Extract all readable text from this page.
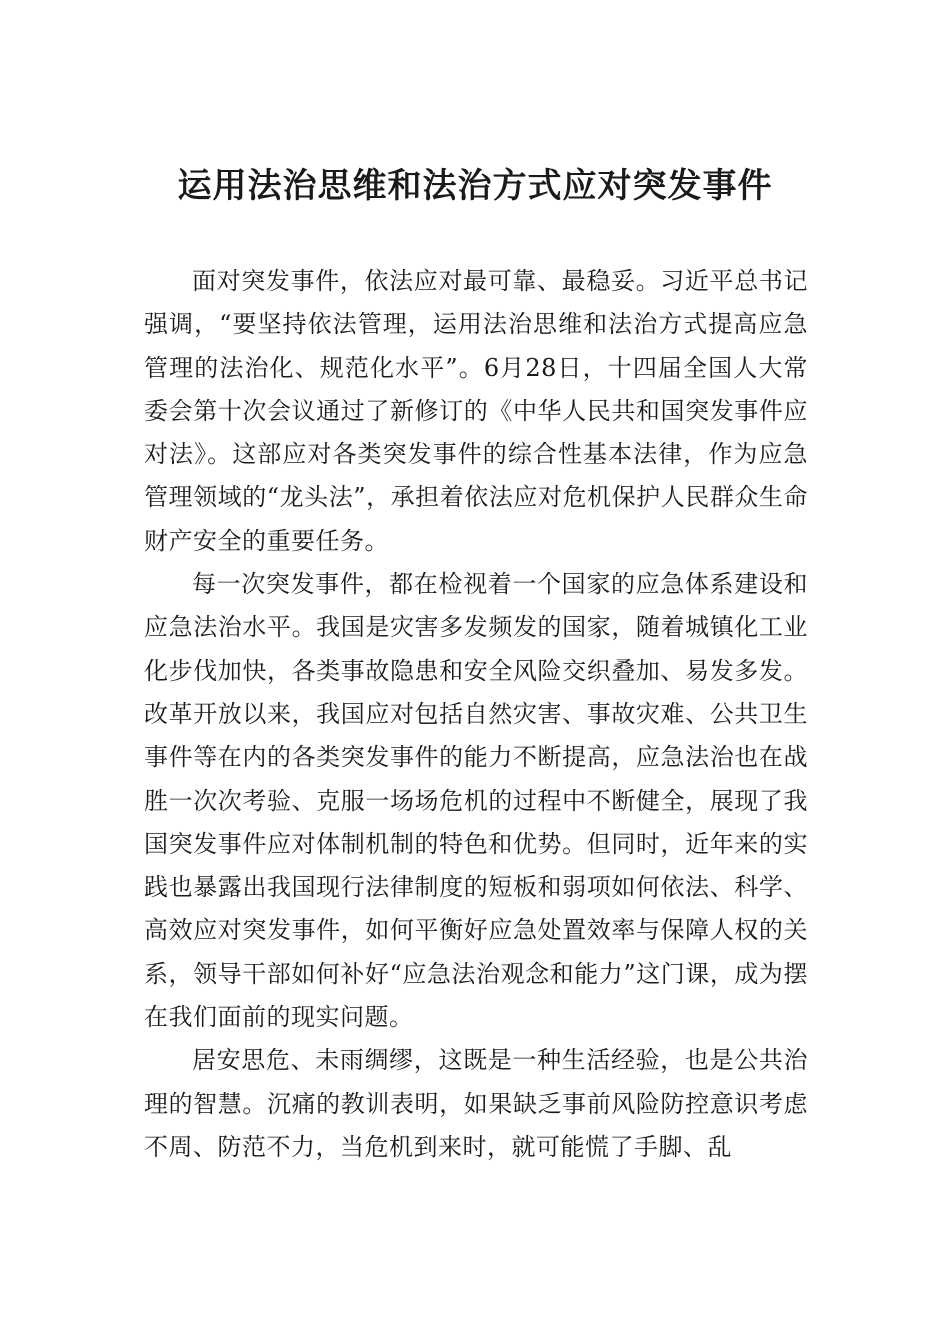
运用法治思维和法治方式应对突发事件

面对突发事件，依法应对最可靠、最稳妥。习近平总书记强调，“要坚持依法管理，运用法治思维和法治方式提高应急管理的法治化、规范化水平”。6月28日，十四届全国人大常委会第十次会议通过了新修订的《中华人民共和国突发事件应对法》。这部应对各类突发事件的综合性基本法律，作为应急管理领域的“龙头法”，承担着依法应对危机保护人民群众生命财产安全的重要任务。

每一次突发事件，都在检视着一个国家的应急体系建设和应急法治水平。我国是灾害多发频发的国家，随着城镇化工业化步伐加快，各类事故隐患和安全风险交织叠加、易发多发。改革开放以来，我国应对包括自然灾害、事故灾难、公共卫生事件等在内的各类突发事件的能力不断提高，应急法治也在战胜一次次考验、克服一场场危机的过程中不断健全，展现了我国突发事件应对体制机制的特色和优势。但同时，近年来的实践也暴露出我国现行法律制度的短板和弱项如何依法、科学、高效应对突发事件，如何平衡好应急处置效率与保障人权的关系，领导干部如何补好“应急法治观念和能力”这门课，成为摆在我们面前的现实问题。

居安思危、未雨绸缪，这既是一种生活经验，也是公共治理的智慧。沉痛的教训表明，如果缺乏事前风险防控意识考虑不周、防范不力，当危机到来时，就可能慌了手脚、乱
